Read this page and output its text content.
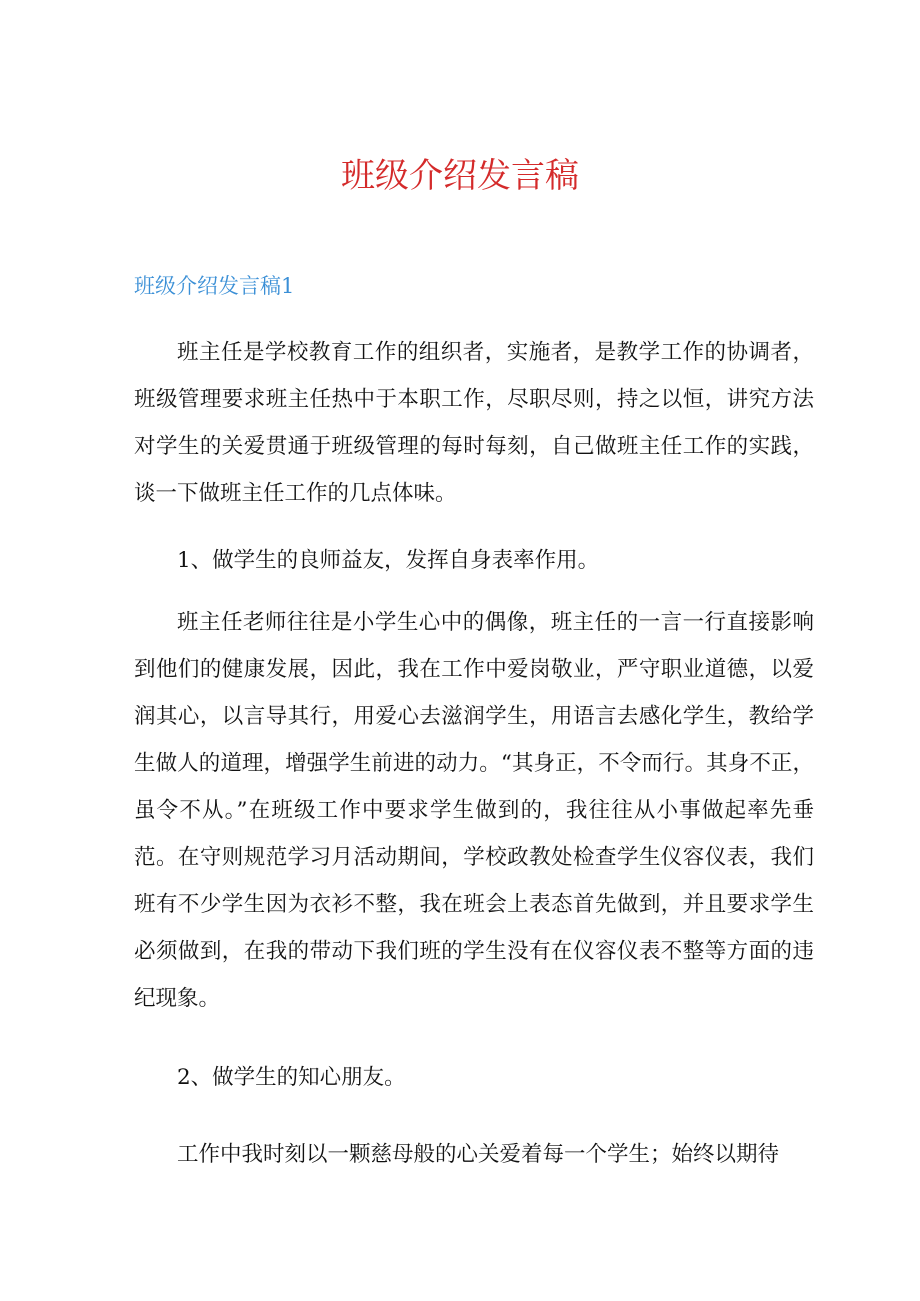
班级介绍发言稿
班级介绍发言稿1

班主任是学校教育工作的组织者，实施者，是教学工作的协调者，班级管理要求班主任热中于本职工作，尽职尽则，持之以恒，讲究方法对学生的关爱贯通于班级管理的每时每刻，自己做班主任工作的实践，谈一下做班主任工作的几点体味。

1、做学生的良师益友，发挥自身表率作用。

班主任老师往往是小学生心中的偶像，班主任的一言一行直接影响到他们的健康发展，因此，我在工作中爱岗敬业，严守职业道德，以爱润其心，以言导其行，用爱心去滋润学生，用语言去感化学生，教给学生做人的道理，增强学生前进的动力。“其身正，不令而行。其身不正，虽令不从。”在班级工作中要求学生做到的，我往往从小事做起率先垂范。在守则规范学习月活动期间，学校政教处检查学生仪容仪表，我们班有不少学生因为衣衫不整，我在班会上表态首先做到，并且要求学生必须做到，在我的带动下我们班的学生没有在仪容仪表不整等方面的违纪现象。

2、做学生的知心朋友。

工作中我时刻以一颗慈母般的心关爱着每一个学生；始终以期待
